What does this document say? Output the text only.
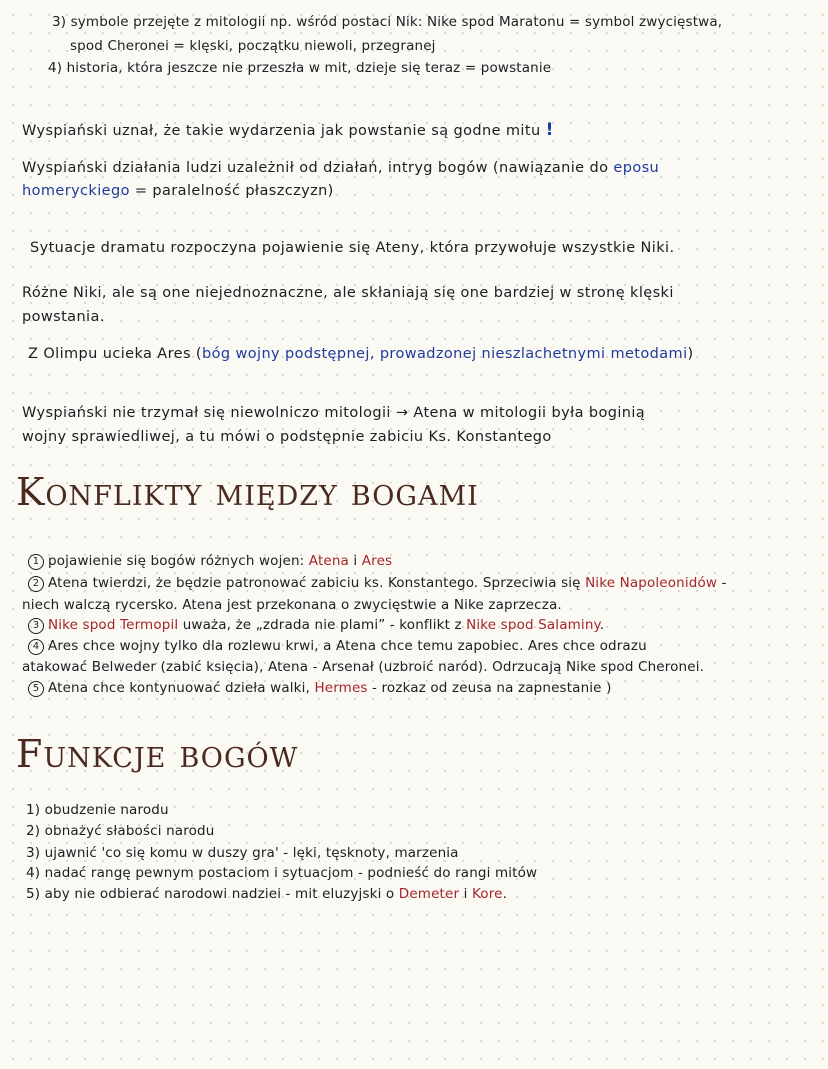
3) symbole przejęte z mitologii np. wśród postaci Nik: Nike spod Maratonu = symbol zwycięstwa,
spod Cheronei = klęski, początku niewoli, przegranej
4) historia, która jeszcze nie przeszła w mit, dzieje się teraz = powstanie
Wyspiański uznał, że takie wydarzenia jak powstanie są godne mitu !
Wyspiański działania ludzi uzależnił od działań, intryg bogów (nawiązanie do eposu
homeryckiego = paralelność płaszczyzn)
Sytuacje dramatu rozpoczyna pojawienie się Ateny, która przywołuje wszystkie Niki.
Różne Niki, ale są one niejednoznaczne, ale skłaniają się one bardziej w stronę klęski
powstania.
Z Olimpu ucieka Ares (bóg wojny podstępnej, prowadzonej nieszlachetnymi metodami)
Wyspiański nie trzymał się niewolniczo mitologii → Atena w mitologii była boginią
wojny sprawiedliwej, a tu mówi o podstępnie zabiciu Ks. Konstantego
Konflikty między bogami
1 pojawienie się bogów różnych wojen: Atena i Ares
2 Atena twierdzi, że będzie patronować zabiciu ks. Konstantego. Sprzeciwia się Nike Napoleonidów -
niech walczą rycersko. Atena jest przekonana o zwycięstwie a Nike zaprzecza.
3 Nike spod Termopil uważa, że „zdrada nie plami” - konflikt z Nike spod Salaminy.
4 Ares chce wojny tylko dla rozlewu krwi, a Atena chce temu zapobiec. Ares chce odrazu
atakować Belweder (zabić księcia), Atena - Arsenał (uzbroić naród). Odrzucają Nike spod Cheronei.
5 Atena chce kontynuować dzieła walki, Hermes - rozkaz od zeusa na zapnestanie )
Funkcje bogów
1) obudzenie narodu
2) obnażyć słabości narodu
3) ujawnić 'co się komu w duszy gra' - lęki, tęsknoty, marzenia
4) nadać rangę pewnym postaciom i sytuacjom - podnieść do rangi mitów
5) aby nie odbierać narodowi nadziei - mit eluzyjski o Demeter i Kore.
